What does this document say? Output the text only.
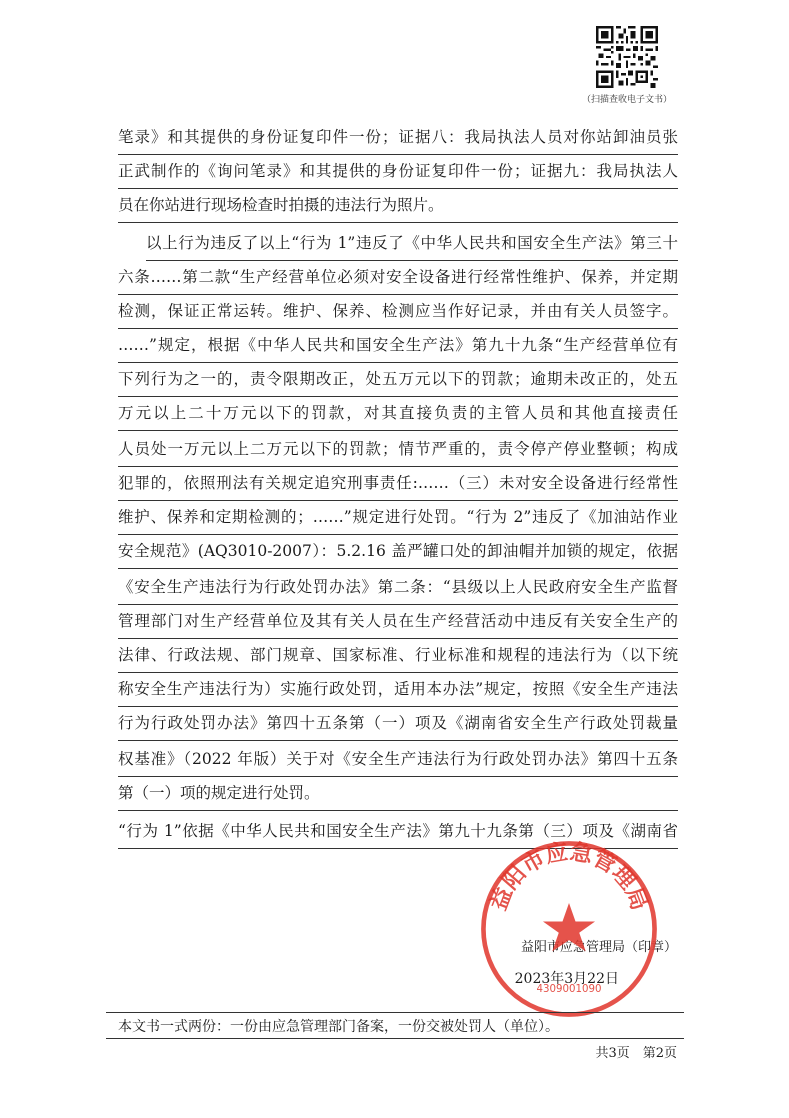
（扫描查收电子文书）
笔录》和其提供的身份证复印件一份；证据八：我局执法人员对你站卸油员张
正武制作的《询问笔录》和其提供的身份证复印件一份；证据九：我局执法人
员在你站进行现场检查时拍摄的违法行为照片。
以上行为违反了以上“行为 1”违反了《中华人民共和国安全生产法》第三十
六条……第二款“生产经营单位必须对安全设备进行经常性维护、保养，并定期
检测，保证正常运转。维护、保养、检测应当作好记录，并由有关人员签字。
……”规定，根据《中华人民共和国安全生产法》第九十九条“生产经营单位有
下列行为之一的，责令限期改正，处五万元以下的罚款；逾期未改正的，处五
万元以上二十万元以下的罚款，对其直接负责的主管人员和其他直接责任
人员处一万元以上二万元以下的罚款；情节严重的，责令停产停业整顿；构成
犯罪的，依照刑法有关规定追究刑事责任:……（三）未对安全设备进行经常性
维护、保养和定期检测的；……”规定进行处罚。“行为 2”违反了《加油站作业
安全规范》(AQ3010-2007）：5.2.16 盖严罐口处的卸油帽并加锁的规定，依据
《安全生产违法行为行政处罚办法》第二条：“县级以上人民政府安全生产监督
管理部门对生产经营单位及其有关人员在生产经营活动中违反有关安全生产的
法律、行政法规、部门规章、国家标准、行业标准和规程的违法行为（以下统
称安全生产违法行为）实施行政处罚，适用本办法”规定，按照《安全生产违法
行为行政处罚办法》第四十五条第（一）项及《湖南省安全生产行政处罚裁量
权基准》（2022 年版）关于对《安全生产违法行为行政处罚办法》第四十五条
第（一）项的规定进行处罚。
“行为 1”依据《中华人民共和国安全生产法》第九十九条第（三）项及《湖南省
益阳市应急管理局（印章）
2023年3月22日
益阳市应急管理局
4309001090
本文书一式两份：一份由应急管理部门备案，一份交被处罚人（单位）。
共3页　第2页
